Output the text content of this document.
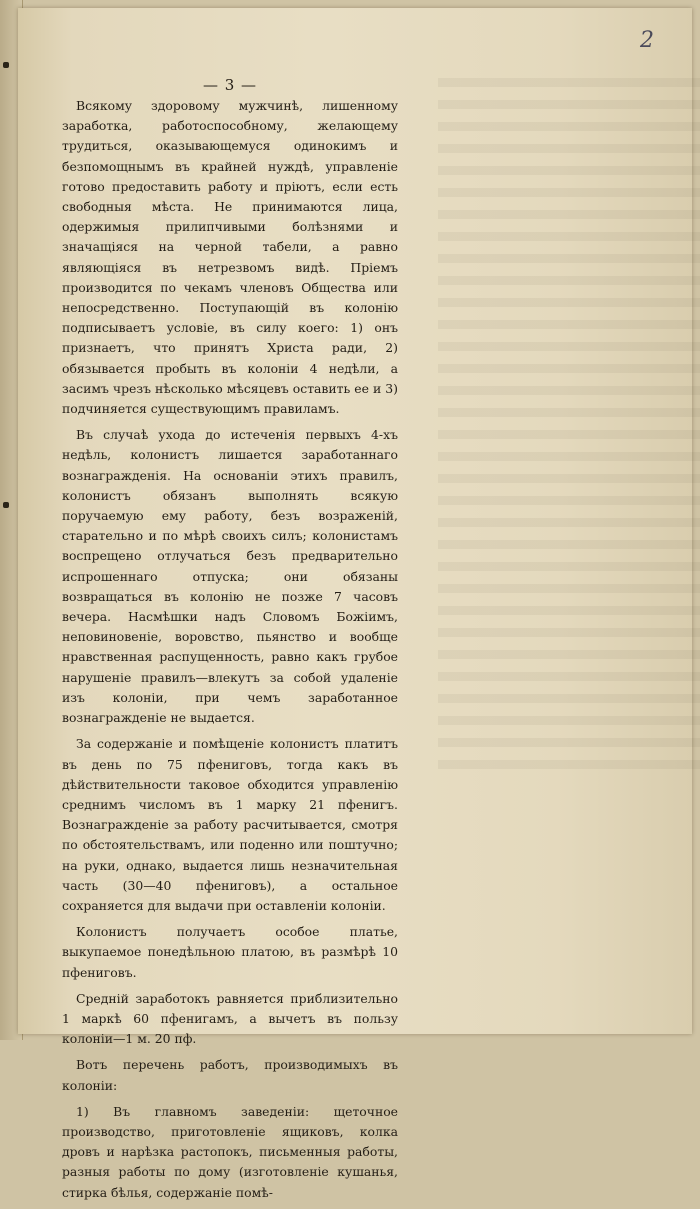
2
— 3 —

Всякому здоровому мужчинѣ, лишенному заработка, работоспособному, желающему трудиться, оказывающемуся одинокимъ и безпомощнымъ въ крайней нуждѣ, управленіе готово предоставить работу и пріютъ, если есть свободныя мѣста. Не принимаются лица, одержимыя прилипчивыми болѣзнями и значащіяся на черной табели, а равно являющіяся въ нетрезвомъ видѣ. Пріемъ производится по чекамъ членовъ Общества или непосредственно. Поступающій въ колонію подписываетъ условіе, въ силу коего: 1) онъ признаетъ, что принятъ Христа ради, 2) обязывается пробыть въ колоніи 4 недѣли, а засимъ чрезъ нѣсколько мѣсяцевъ оставить ее и 3) подчиняется существующимъ правиламъ.

Въ случаѣ ухода до истеченія первыхъ 4-хъ недѣль, колонистъ лишается заработаннаго вознагражденія. На основаніи этихъ правилъ, колонистъ обязанъ выполнять всякую поручаемую ему работу, безъ возраженій, старательно и по мѣрѣ своихъ силъ; колонистамъ воспрещено отлучаться безъ предварительно испрошеннаго отпуска; они обязаны возвращаться въ колонію не позже 7 часовъ вечера. Насмѣшки надъ Словомъ Божіимъ, неповиновеніе, воровство, пьянство и вообще нравственная распущенность, равно какъ грубое нарушеніе правилъ—влекутъ за собой удаленіе изъ колоніи, при чемъ заработанное вознагражденіе не выдается.

За содержаніе и помѣщеніе колонистъ платитъ въ день по 75 пфениговъ, тогда какъ въ дѣйствительности таковое обходится управленію среднимъ числомъ въ 1 марку 21 пфенигъ. Вознагражденіе за работу расчитывается, смотря по обстоятельствамъ, или поденно или поштучно; на руки, однако, выдается лишь незначительная часть (30—40 пфениговъ), а остальное сохраняется для выдачи при оставленіи колоніи.

Колонистъ получаетъ особое платье, выкупаемое понедѣльною платою, въ размѣрѣ 10 пфениговъ.

Средній заработокъ равняется приблизительно 1 маркѣ 60 пфенигамъ, а вычетъ въ пользу колоніи—1 м. 20 пф.

Вотъ перечень работъ, производимыхъ въ колоніи:

1) Въ главномъ заведеніи: щеточное производство, приготовленіе ящиковъ, колка дровъ и нарѣзка растопокъ, письменныя работы, разныя работы по дому (изготовленіе кушанья, стирка бѣлья, содержаніе помѣ-
